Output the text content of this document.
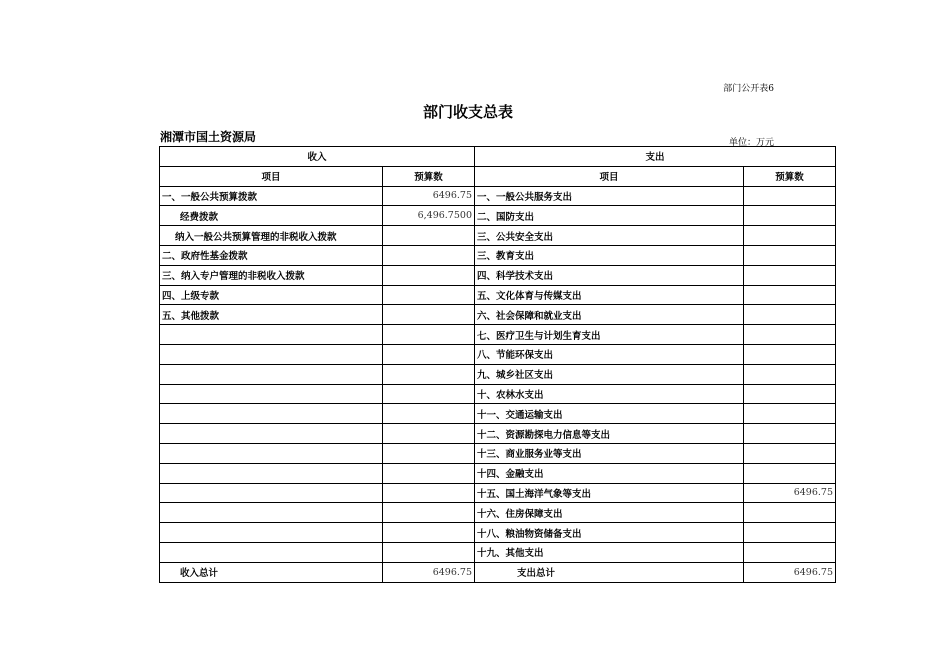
部门公开表6
部门收支总表
湘潭市国土资源局	单位：万元
收入		支出	
项目	预算数	项目	预算数
一、一般公共预算拨款	6496.75	一、一般公共服务支出	
经费拨款	6,496.7500	二、国防支出	
纳入一般公共预算管理的非税收入拨款		三、公共安全支出	
二、政府性基金拨款		三、教育支出	
三、纳入专户管理的非税收入拨款		四、科学技术支出	
四、上级专款		五、文化体育与传媒支出	
五、其他拨款		六、社会保障和就业支出	
		七、医疗卫生与计划生育支出	
		八、节能环保支出	
		九、城乡社区支出	
		十、农林水支出	
		十一、交通运输支出	
		十二、资源勘探电力信息等支出	
		十三、商业服务业等支出	
		十四、金融支出	
		十五、国土海洋气象等支出	6496.75
		十六、住房保障支出	
		十八、粮油物资储备支出	
		十九、其他支出	
收入总计	6496.75	支出总计	6496.75
